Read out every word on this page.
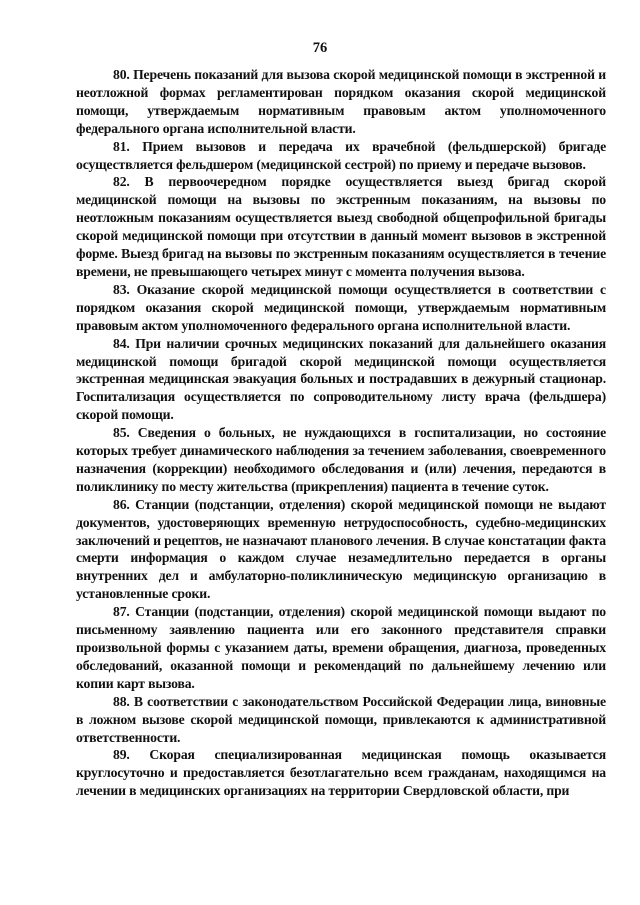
76

80. Перечень показаний для вызова скорой медицинской помощи в экстренной и неотложной формах регламентирован порядком оказания скорой медицинской помощи, утверждаемым нормативным правовым актом уполномоченного федерального органа исполнительной власти.

81. Прием вызовов и передача их врачебной (фельдшерской) бригаде осуществляется фельдшером (медицинской сестрой) по приему и передаче вызовов.

82. В первоочередном порядке осуществляется выезд бригад скорой медицинской помощи на вызовы по экстренным показаниям, на вызовы по неотложным показаниям осуществляется выезд свободной общепрофильной бригады скорой медицинской помощи при отсутствии в данный момент вызовов в экстренной форме. Выезд бригад на вызовы по экстренным показаниям осуществляется в течение времени, не превышающего четырех минут с момента получения вызова.

83. Оказание скорой медицинской помощи осуществляется в соответствии с порядком оказания скорой медицинской помощи, утверждаемым нормативным правовым актом уполномоченного федерального органа исполнительной власти.

84. При наличии срочных медицинских показаний для дальнейшего оказания медицинской помощи бригадой скорой медицинской помощи осуществляется экстренная медицинская эвакуация больных и пострадавших в дежурный стационар. Госпитализация осуществляется по сопроводительному листу врача (фельдшера) скорой помощи.

85. Сведения о больных, не нуждающихся в госпитализации, но состояние которых требует динамического наблюдения за течением заболевания, своевременного назначения (коррекции) необходимого обследования и (или) лечения, передаются в поликлинику по месту жительства (прикрепления) пациента в течение суток.

86. Станции (подстанции, отделения) скорой медицинской помощи не выдают документов, удостоверяющих временную нетрудоспособность, судебно-медицинских заключений и рецептов, не назначают планового лечения. В случае констатации факта смерти информация о каждом случае незамедлительно передается в органы внутренних дел и амбулаторно-поликлиническую медицинскую организацию в установленные сроки.

87. Станции (подстанции, отделения) скорой медицинской помощи выдают по письменному заявлению пациента или его законного представителя справки произвольной формы с указанием даты, времени обращения, диагноза, проведенных обследований, оказанной помощи и рекомендаций по дальнейшему лечению или копии карт вызова.

88. В соответствии с законодательством Российской Федерации лица, виновные в ложном вызове скорой медицинской помощи, привлекаются к административной ответственности.

89. Скорая специализированная медицинская помощь оказывается круглосуточно и предоставляется безотлагательно всем гражданам, находящимся на лечении в медицинских организациях на территории Свердловской области, при
